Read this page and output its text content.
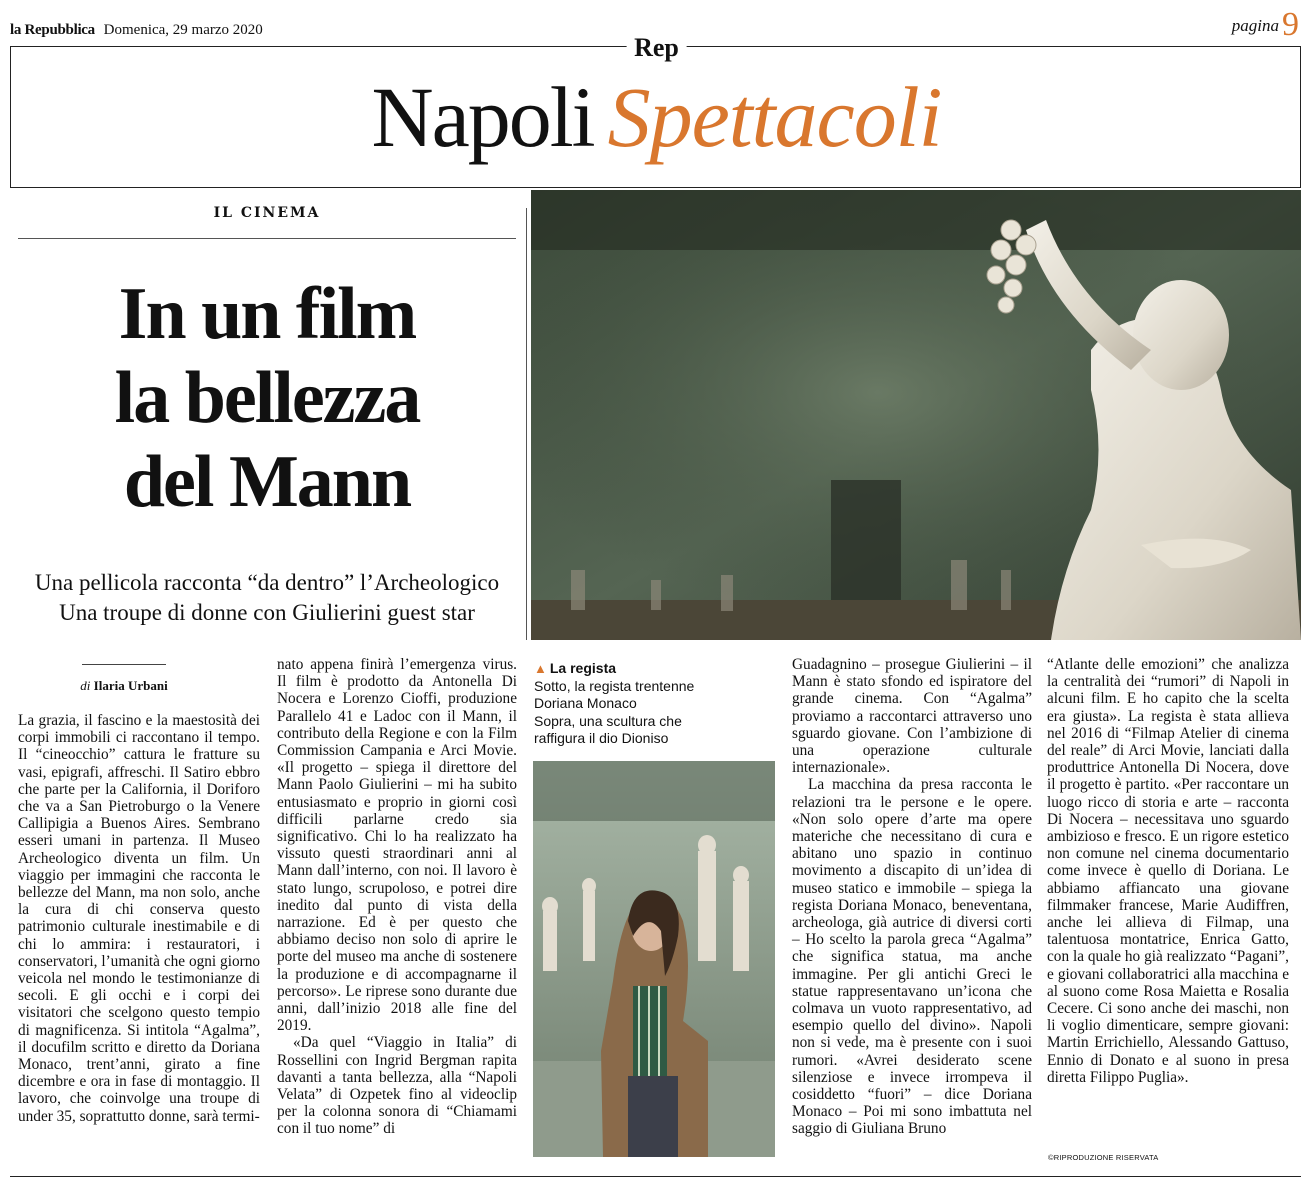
la Repubblica Domenica, 29 marzo 2020	pagina9
Rep
Napoli Spettacoli
IL CINEMA
In un film
la bellezza
del Mann
Una pellicola racconta “da dentro” l’Archeologico
Una troupe di donne con Giulierini guest star
di Ilaria Urbani

La grazia, il fascino e la maestosità dei corpi immobili ci raccontano il tempo. Il “cineocchio” cattura le fratture su vasi, epigrafi, affreschi. Il Satiro ebbro che parte per la California, il Doriforo che va a San Pietroburgo o la Venere Callipigia a Buenos Aires. Sembrano esseri umani in partenza. Il Museo Archeologico diventa un film. Un viaggio per immagini che racconta le bellezze del Mann, ma non solo, anche la cura di chi conserva questo patrimonio culturale inestimabile e di chi lo ammira: i restauratori, i conservatori, l’umanità che ogni giorno veicola nel mondo le testimonianze di secoli. E gli occhi e i corpi dei visitatori che scelgono questo tempio di magnificenza. Si intitola “Agalma”, il docufilm scritto e diretto da Doriana Monaco, trent’anni, girato a fine dicembre e ora in fase di montaggio. Il lavoro, che coinvolge una troupe di under 35, soprattutto donne, sarà termi-

nato appena finirà l’emergenza virus. Il film è prodotto da Antonella Di Nocera e Lorenzo Cioffi, produzione Parallelo 41 e Ladoc con il Mann, il contributo della Regione e con la Film Commission Campania e Arci Movie. «Il progetto – spiega il direttore del Mann Paolo Giulierini – mi ha subito entusiasmato e proprio in giorni così difficili parlarne credo sia significativo. Chi lo ha realizzato ha vissuto questi straordinari anni al Mann dall’interno, con noi. Il lavoro è stato lungo, scrupoloso, e potrei dire inedito dal punto di vista della narrazione. Ed è per questo che abbiamo deciso non solo di aprire le porte del museo ma anche di sostenere la produzione e di accompagnarne il percorso». Le riprese sono durante due anni, dall’inizio 2018 alle fine del 2019.

«Da quel “Viaggio in Italia” di Rossellini con Ingrid Bergman rapita davanti a tanta bellezza, alla “Napoli Velata” di Ozpetek fino al videoclip per la colonna sonora di “Chiamami con il tuo nome” di

▲ La regista
Sotto, la regista trentenne
Doriana Monaco
Sopra, una scultura che
raffigura il dio Dioniso

Guadagnino – prosegue Giulierini – il Mann è stato sfondo ed ispiratore del grande cinema. Con “Agalma” proviamo a raccontarci attraverso uno sguardo giovane. Con l’ambizione di una operazione culturale internazionale».

La macchina da presa racconta le relazioni tra le persone e le opere. «Non solo opere d’arte ma opere materiche che necessitano di cura e abitano uno spazio in continuo movimento a discapito di un’idea di museo statico e immobile – spiega la regista Doriana Monaco, beneventana, archeologa, già autrice di diversi corti – Ho scelto la parola greca “Agalma” che significa statua, ma anche immagine. Per gli antichi Greci le statue rappresentavano un’icona che colmava un vuoto rappresentativo, ad esempio quello del divino». Napoli non si vede, ma è presente con i suoi rumori. «Avrei desiderato scene silenziose e invece irrompeva il cosiddetto “fuori” – dice Doriana Monaco – Poi mi sono imbattuta nel saggio di Giuliana Bruno

“Atlante delle emozioni” che analizza la centralità dei “rumori” di Napoli in alcuni film. E ho capito che la scelta era giusta». La regista è stata allieva nel 2016 di “Filmap Atelier di cinema del reale” di Arci Movie, lanciati dalla produttrice Antonella Di Nocera, dove il progetto è partito. «Per raccontare un luogo ricco di storia e arte – racconta Di Nocera – necessitava uno sguardo ambizioso e fresco. E un rigore estetico non comune nel cinema documentario come invece è quello di Doriana. Le abbiamo affiancato una giovane filmmaker francese, Marie Audiffren, anche lei allieva di Filmap, una talentuosa montatrice, Enrica Gatto, con la quale ho già realizzato “Pagani”, e giovani collaboratrici alla macchina e al suono come Rosa Maietta e Rosalia Cecere. Ci sono anche dei maschi, non li voglio dimenticare, sempre giovani: Martin Errichiello, Alessando Gattuso, Ennio di Donato e al suono in presa diretta Filippo Puglia».

©RIPRODUZIONE RISERVATA
